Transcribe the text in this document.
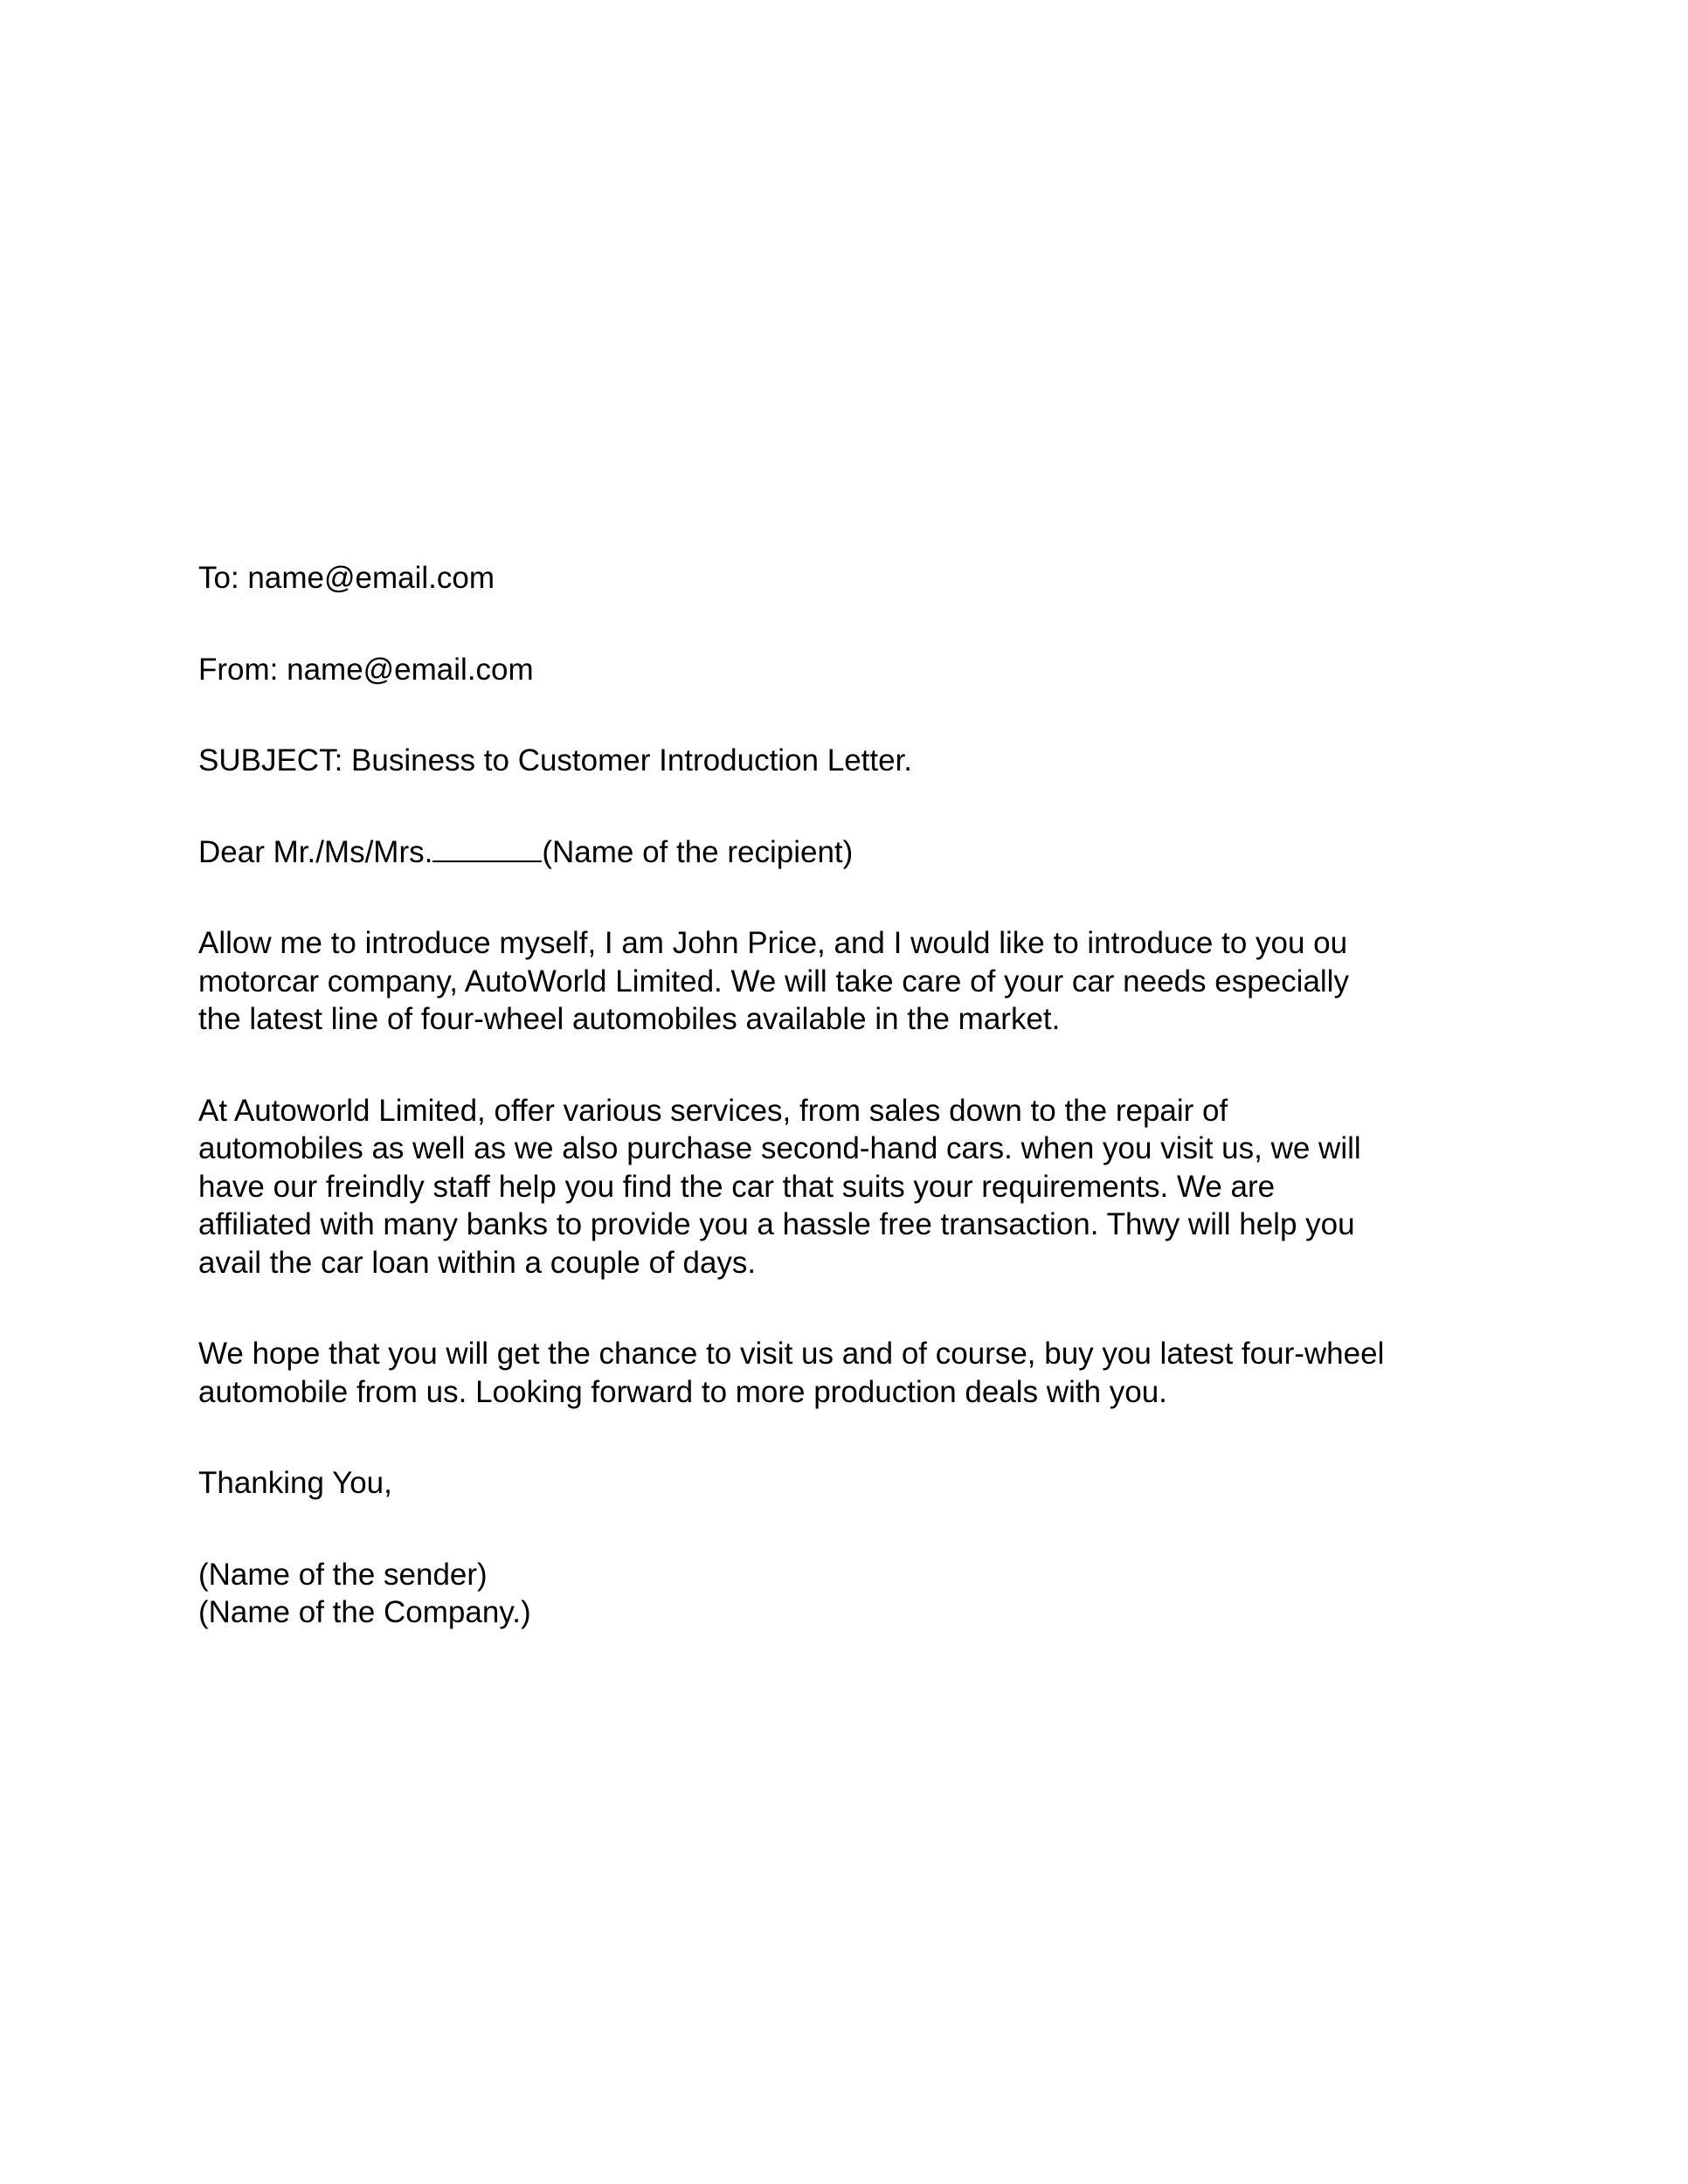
To: name@email.com

From: name@email.com

SUBJECT: Business to Customer Introduction Letter.

Dear Mr./Ms/Mrs.	(Name of the recipient)

Allow me to introduce myself, I am John Price, and I would like to introduce to you ou
motorcar company, AutoWorld Limited. We will take care of your car needs especially
the latest line of four-wheel automobiles available in the market.

At Autoworld Limited, offer various services, from sales down to the repair of
automobiles as well as we also purchase second-hand cars. when you visit us, we will
have our freindly staff help you find the car that suits your requirements. We are
affiliated with many banks to provide you a hassle free transaction. Thwy will help you
avail the car loan within a couple of days.

We hope that you will get the chance to visit us and of course, buy you latest four-wheel
automobile from us. Looking forward to more production deals with you.

Thanking You,

(Name of the sender)
(Name of the Company.)
